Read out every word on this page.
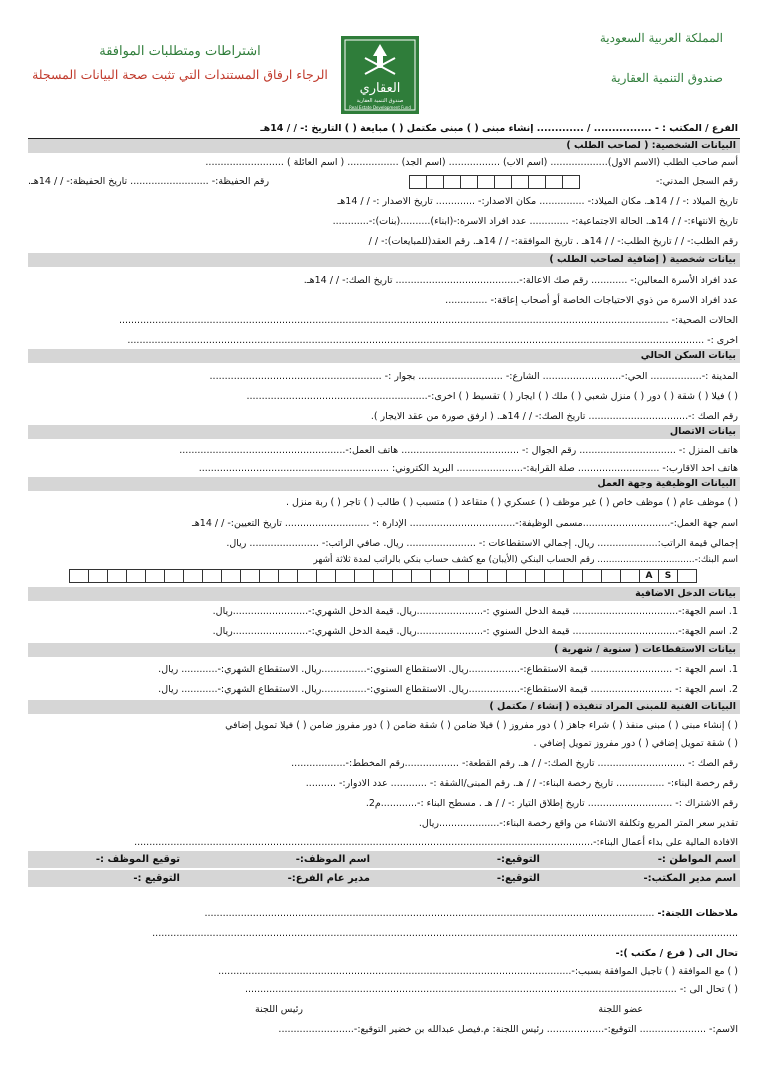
المملكة العربية السعودية
صندوق التنمية العقارية
العقاري
صندوق التنمية العقارية
Real Estate Development Fund
اشتراطات ومتطلبات الموافقة
الرجاء ارفاق المستندات التي تثبت صحة البيانات المسجلة
الفرع / المكتب : - ................ / ............. إنشاء مبنى ( ) مبنى مكتمل ( ) مبايعة ( ) التاريخ :- / / 14هـ
البيانات الشخصية: ( لصاحب الطلب )
أسم صاحب الطلب (الاسم الاول)................... (اسم الاب) ................. (اسم الجد) ................. ( اسم العائلة ) ..........................
رقم السجل المدني:-
رقم الحفيظة:- .......................... تاريخ الحفيظة:- / / 14هـ.
تاريخ الميلاد :- / / 14هـ. مكان الميلاد:- ............... مكان الاصدار:- ............. تاريخ الاصدار :- / / 14هـ
تاريخ الانتهاء:- / / 14هـ. الحالة الاجتماعية:- ............. عدد افراد الاسرة:-(ابناء)..........(بنات):-............
رقم الطلب:- / / تاريخ الطلب:- / / 14هـ . تاريخ الموافقة:- / / 14هـ. رقم العقد(للمبايعات):- / /
بيانات شخصية ( إضافية لصاحب الطلب )
عدد افراد الأسرة المعالين:- ............ رقم صك الاعالة:-......................................... تاريخ الصك:- / / 14هـ.
عدد افراد الاسرة من ذوي الاحتياجات الخاصة أو أصحاب إعاقة:- ..............
الحالات الصحية:- ......................................................................................................................................................................................
اخرى :- ...............................................................................................................................................................................................
بيانات السكن الحالي
المدينة :-................. الحي:-.......................... الشارع:- ............................ بجوار :- .........................................................
( ) فيلا ( ) شقة ( ) دور ( ) منزل شعبي ( ) ملك ( ) ايجار ( ) تقسيط ( ) اخرى:-............................................................
رقم الصك :-................................. تاريخ الصك:- / / 14هـ. ( ارفق صورة من عقد الايجار ).
بيانات الاتصال
هاتف المنزل :- ................................ رقم الجوال :- ....................................... هاتف العمل:-.......................................................
هاتف احد الاقارب:- ........................... صلة القرابة:-...................... البريد الكتروني: ...............................................................
البيانات الوظيفية وجهة العمل
( ) موظف عام ( ) موظف خاص ( ) غير موظف ( ) عسكري ( ) متقاعد ( ) متسبب ( ) طالب ( ) تاجر ( ) ربة منزل .
اسم جهة العمل:-.............................مسمى الوظيفة:-................................... الإدارة :- ............................ تاريخ التعيين:- / / 14هـ
إجمالي قيمة الراتب:.................... ريال. إجمالي الاستقطاعات :- ....................... ريال. صافي الراتب:- ....................... ريال.
اسم البنك:-.................................. رقم الحساب البنكي (الأيبان) مع كشف حساب بنكي بالراتب لمدة ثلاثة أشهر
A	S
بيانات الدخل الاضافية
1. اسم الجهة:-................................... قيمة الدخل السنوي :-......................ريال. قيمة الدخل الشهري:-.........................ريال.
2. اسم الجهة:-................................... قيمة الدخل السنوي :-......................ريال. قيمة الدخل الشهري:-.........................ريال.
بيانات الاستقطاعات ( سنوية / شهرية )
1. اسم الجهة :- ........................... قيمة الاستقطاع:-.................ريال. الاستقطاع السنوي:-...............ريال. الاستقطاع الشهري:-............ ريال.
2. اسم الجهة :- ........................... قيمة الاستقطاع:-.................ريال. الاستقطاع السنوي:-...............ريال. الاستقطاع الشهري:-............ ريال.
البيانات الفنية للمبنى المراد تنفيذه ( إنشاء / مكتمل )
( ) إنشاء مبنى ( ) مبنى منفذ ( ) شراء جاهز ( ) دور مفروز ( ) فيلا ضامن ( ) شقة ضامن ( ) دور مفروز ضامن ( ) فيلا تمويل إضافي
( ) شقة تمويل إضافي ( ) دور مفروز تمويل إضافي .
رقم الصك :- ............................. تاريخ الصك:- / / هـ. رقم القطعة:- ..................رقم المخطط:-..................
رقم رخصة البناء:- ................ تاريخ رخصة البناء:- / / هـ. رقم المبنى/الشقة :- ............ عدد الادوار:- ..........
رقم الاشتراك :- ............................ تاريخ إطلاق التيار :- / / هـ . مسطح البناء :-............م2.
تقدير سعر المتر المربع وتكلفة الانشاء من واقع رخصة البناء:-....................ريال.
الافادة المالية على بداء أعمال البناء:-........................................................................................................................................................
اسم المواطن :-
التوقيع:-
اسم الموظف:-
توقيع الموظف :-
اسم مدير المكتب:-
التوقيع:-
مدير عام الفرع:-
التوقيع :-
ملاحظات اللجنة:- .....................................................................................................................................................
..................................................................................................................................................................................................
تحال الى ( فرع / مكتب ):-
( ) مع الموافقة ( ) تأجيل الموافقة بسبب:-.....................................................................................................................
( ) تحال الى :- ...............................................................................................................................................
عضو اللجنة
رئيس اللجنة
الاسم:- ...................... التوقيع:-................... رئيس اللجنة: م.فيصل عبدالله بن خضير التوقيع:-.........................
